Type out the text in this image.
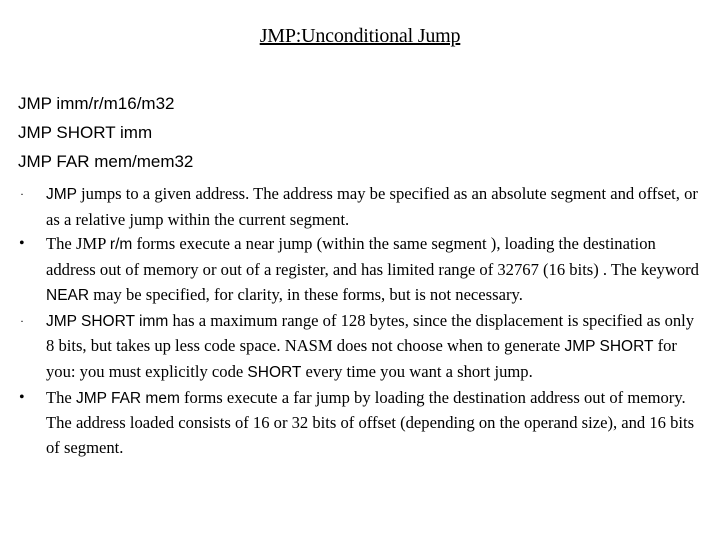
JMP:Unconditional Jump
JMP imm/r/m16/m32
JMP SHORT imm
JMP FAR mem/mem32
·	JMP jumps to a given address. The address may be specified as an absolute segment and offset, or as a relative jump within the current segment.
•	The JMP r/m forms execute a near jump (within the same segment ), loading the destination address out of memory or out of a register, and has limited range of 32767 (16 bits) . The keyword NEAR may be specified, for clarity, in these forms, but is not necessary.
·	JMP SHORT imm has a maximum range of 128 bytes, since the displacement is specified as only 8 bits, but takes up less code space. NASM does not choose when to generate JMP SHORT for you: you must explicitly code SHORT every time you want a short jump.
•	The JMP FAR mem forms execute a far jump by loading the destination address out of memory. The address loaded consists of 16 or 32 bits of offset (depending on the operand size), and 16 bits of segment.
